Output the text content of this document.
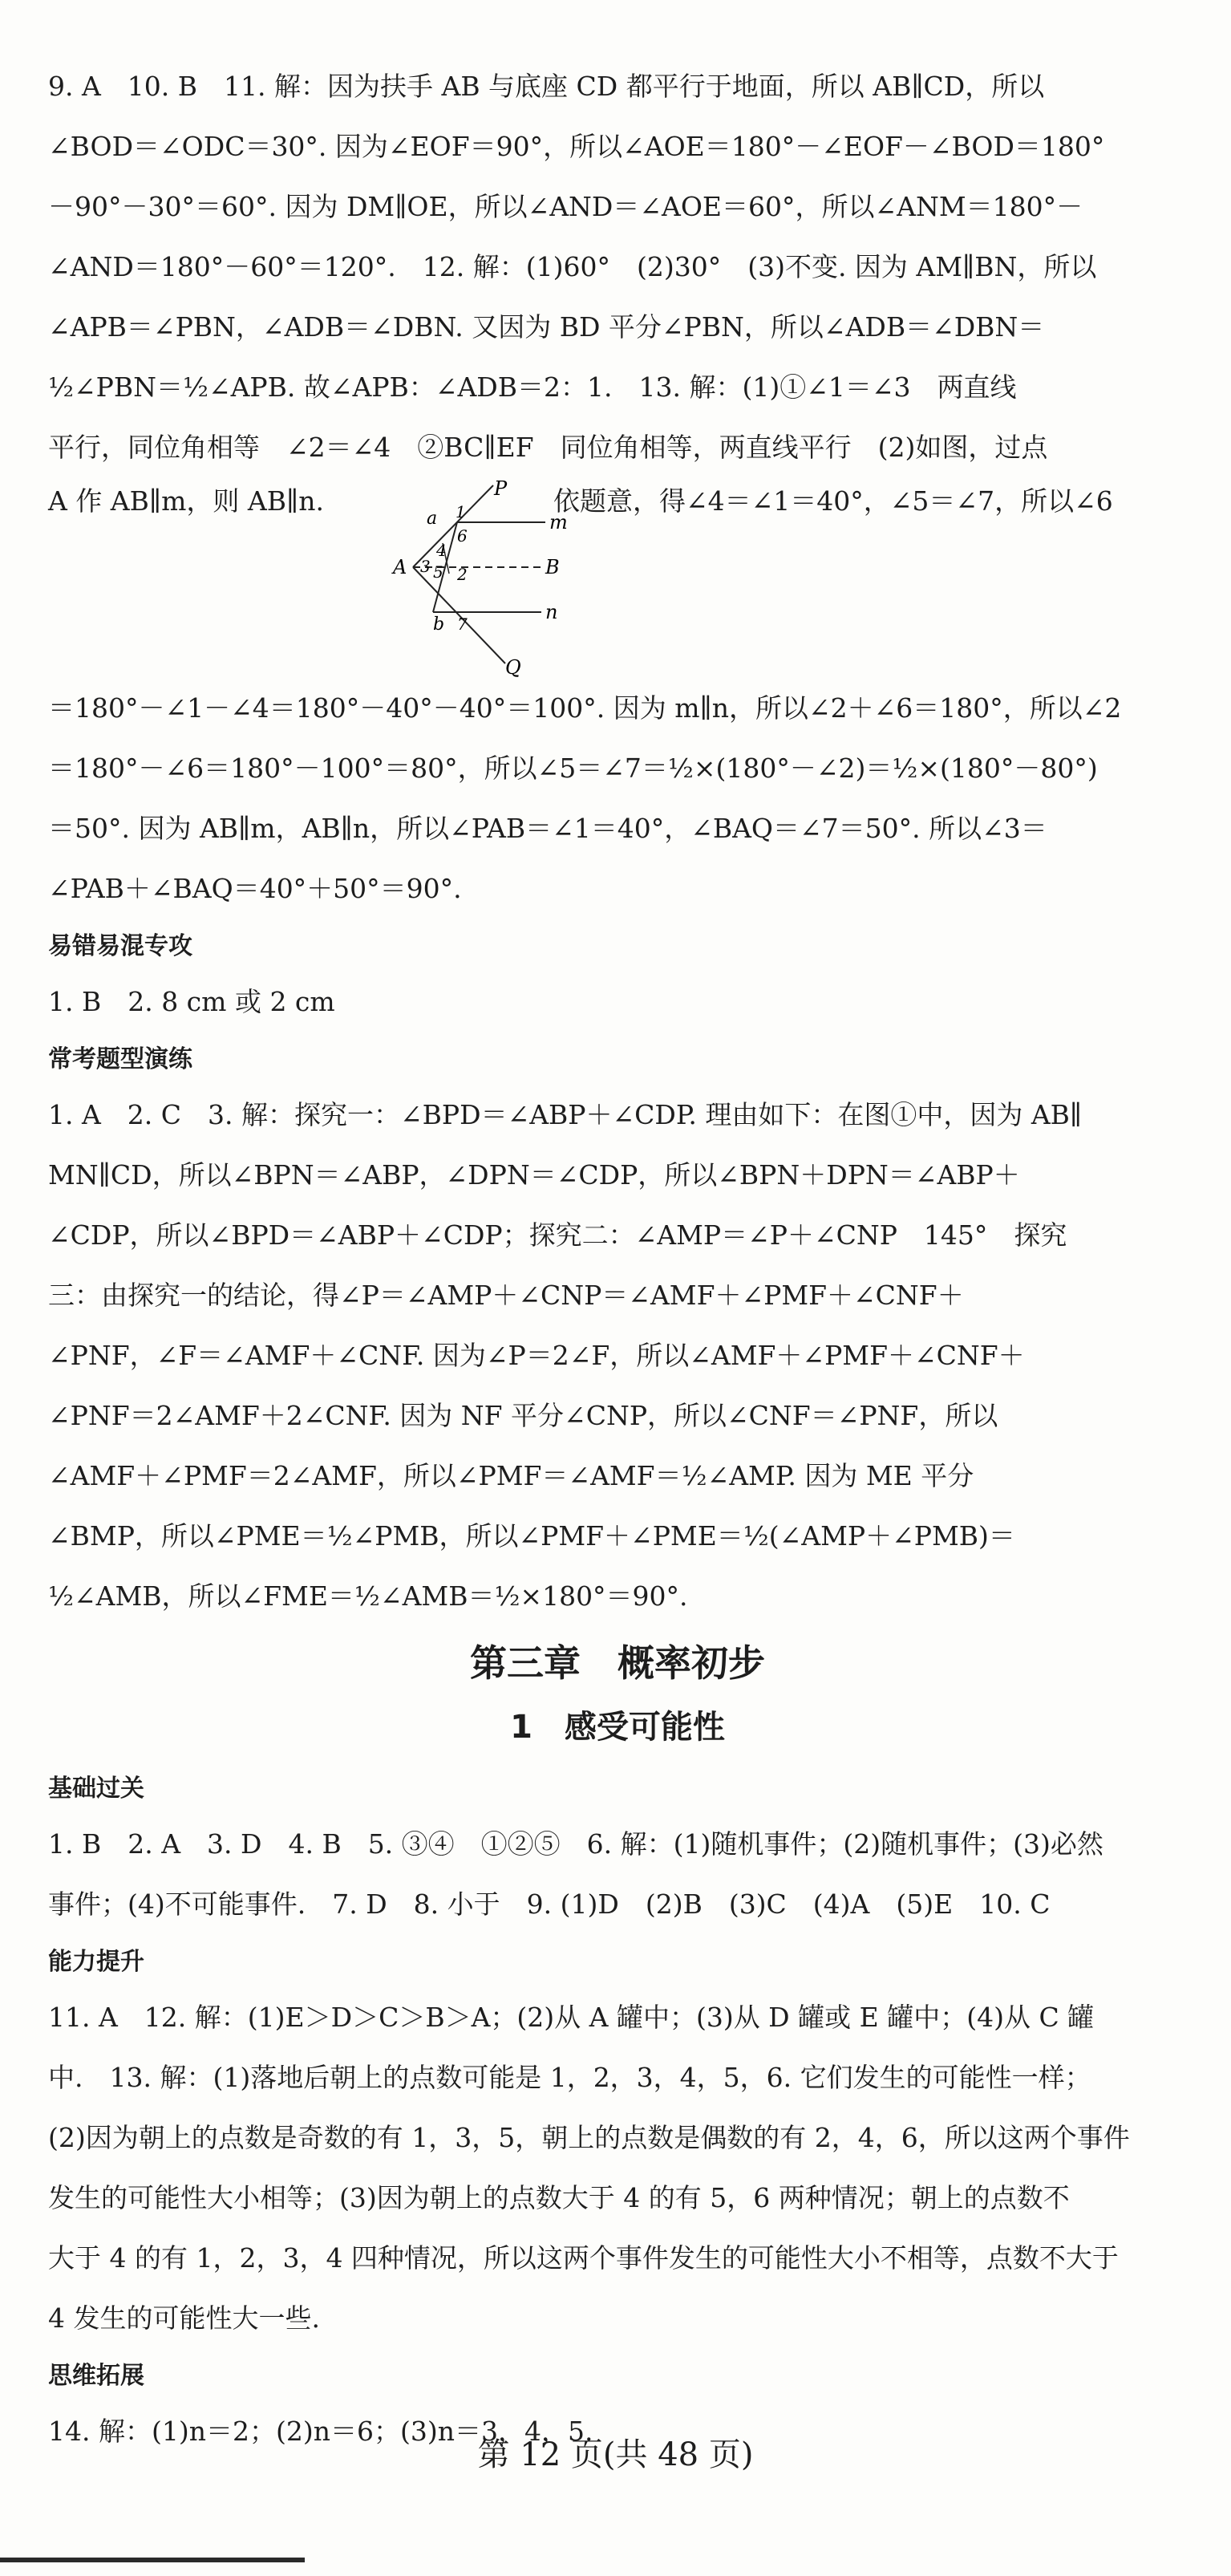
9. A　10. B　11. 解：因为扶手 AB 与底座 CD 都平行于地面，所以 AB∥CD，所以

∠BOD＝∠ODC＝30°. 因为∠EOF＝90°，所以∠AOE＝180°－∠EOF－∠BOD＝180°

－90°－30°＝60°. 因为 DM∥OE，所以∠AND＝∠AOE＝60°，所以∠ANM＝180°－

∠AND＝180°－60°＝120°.　12. 解：(1)60°　(2)30°　(3)不变. 因为 AM∥BN，所以

∠APB＝∠PBN，∠ADB＝∠DBN. 又因为 BD 平分∠PBN，所以∠ADB＝∠DBN＝

½∠PBN＝½∠APB. 故∠APB：∠ADB＝2：1.　13. 解：(1)①∠1＝∠3　两直线

平行，同位角相等　∠2＝∠4　②BC∥EF　同位角相等，两直线平行　(2)如图，过点

A 作 AB∥m，则 AB∥n.	P
m
a 1
6
4
A 3 5 2	B
n
b 7
Q
依题意，得∠4＝∠1＝40°，∠5＝∠7，所以∠6

＝180°－∠1－∠4＝180°－40°－40°＝100°. 因为 m∥n，所以∠2＋∠6＝180°，所以∠2

＝180°－∠6＝180°－100°＝80°，所以∠5＝∠7＝½×(180°－∠2)＝½×(180°－80°)

＝50°. 因为 AB∥m，AB∥n，所以∠PAB＝∠1＝40°，∠BAQ＝∠7＝50°. 所以∠3＝

∠PAB＋∠BAQ＝40°＋50°＝90°.

易错易混专攻

1. B　2. 8 cm 或 2 cm

常考题型演练

1. A　2. C　3. 解：探究一：∠BPD＝∠ABP＋∠CDP. 理由如下：在图①中，因为 AB∥

MN∥CD，所以∠BPN＝∠ABP，∠DPN＝∠CDP，所以∠BPN＋DPN＝∠ABP＋

∠CDP，所以∠BPD＝∠ABP＋∠CDP；探究二：∠AMP＝∠P＋∠CNP　145°　探究

三：由探究一的结论，得∠P＝∠AMP＋∠CNP＝∠AMF＋∠PMF＋∠CNF＋

∠PNF，∠F＝∠AMF＋∠CNF. 因为∠P＝2∠F，所以∠AMF＋∠PMF＋∠CNF＋

∠PNF＝2∠AMF＋2∠CNF. 因为 NF 平分∠CNP，所以∠CNF＝∠PNF，所以

∠AMF＋∠PMF＝2∠AMF，所以∠PMF＝∠AMF＝½∠AMP. 因为 ME 平分

∠BMP，所以∠PME＝½∠PMB，所以∠PMF＋∠PME＝½(∠AMP＋∠PMB)＝

½∠AMB，所以∠FME＝½∠AMB＝½×180°＝90°.

第三章　概率初步

1　感受可能性

基础过关

1. B　2. A　3. D　4. B　5. ③④　①②⑤　6. 解：(1)随机事件；(2)随机事件；(3)必然

事件；(4)不可能事件.　7. D　8. 小于　9. (1)D　(2)B　(3)C　(4)A　(5)E　10. C

能力提升

11. A　12. 解：(1)E＞D＞C＞B＞A；(2)从 A 罐中；(3)从 D 罐或 E 罐中；(4)从 C 罐

中.　13. 解：(1)落地后朝上的点数可能是 1，2，3，4，5，6. 它们发生的可能性一样；

(2)因为朝上的点数是奇数的有 1，3，5，朝上的点数是偶数的有 2，4，6，所以这两个事件

发生的可能性大小相等；(3)因为朝上的点数大于 4 的有 5，6 两种情况；朝上的点数不

大于 4 的有 1，2，3，4 四种情况，所以这两个事件发生的可能性大小不相等，点数不大于

4 发生的可能性大一些.

思维拓展

14. 解：(1)n＝2；(2)n＝6；(3)n＝3，4，5.

第 12 页(共 48 页)
